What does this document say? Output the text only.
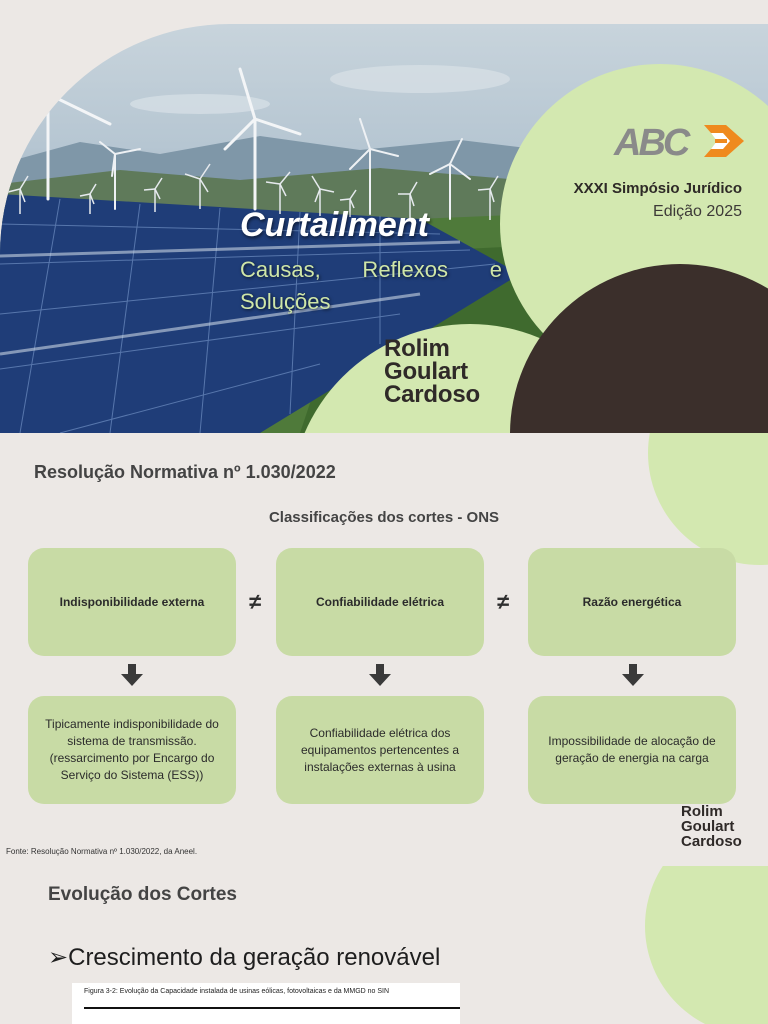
Curtailment
Causas, Reflexos e
Soluções
ABC
XXXI Simpósio Jurídico
Edição 2025
Rolim
Goulart
Cardoso
Resolução Normativa nº 1.030/2022
Classificações dos cortes - ONS
Indisponibilidade externa	Confiabilidade elétrica	Razão energética
≠	≠
Tipicamente indisponibilidade do sistema de transmissão. (ressarcimento por Encargo do Serviço do Sistema (ESS))
Confiabilidade elétrica dos equipamentos pertencentes a instalações externas à usina
Impossibilidade de alocação de geração de energia na carga
Fonte: Resolução Normativa nº 1.030/2022, da Aneel.
Rolim
Goulart
Cardoso
Evolução dos Cortes
➢Crescimento da geração renovável
Figura 3-2: Evolução da Capacidade instalada de usinas eólicas, fotovoltaicas e da MMGD no SIN
